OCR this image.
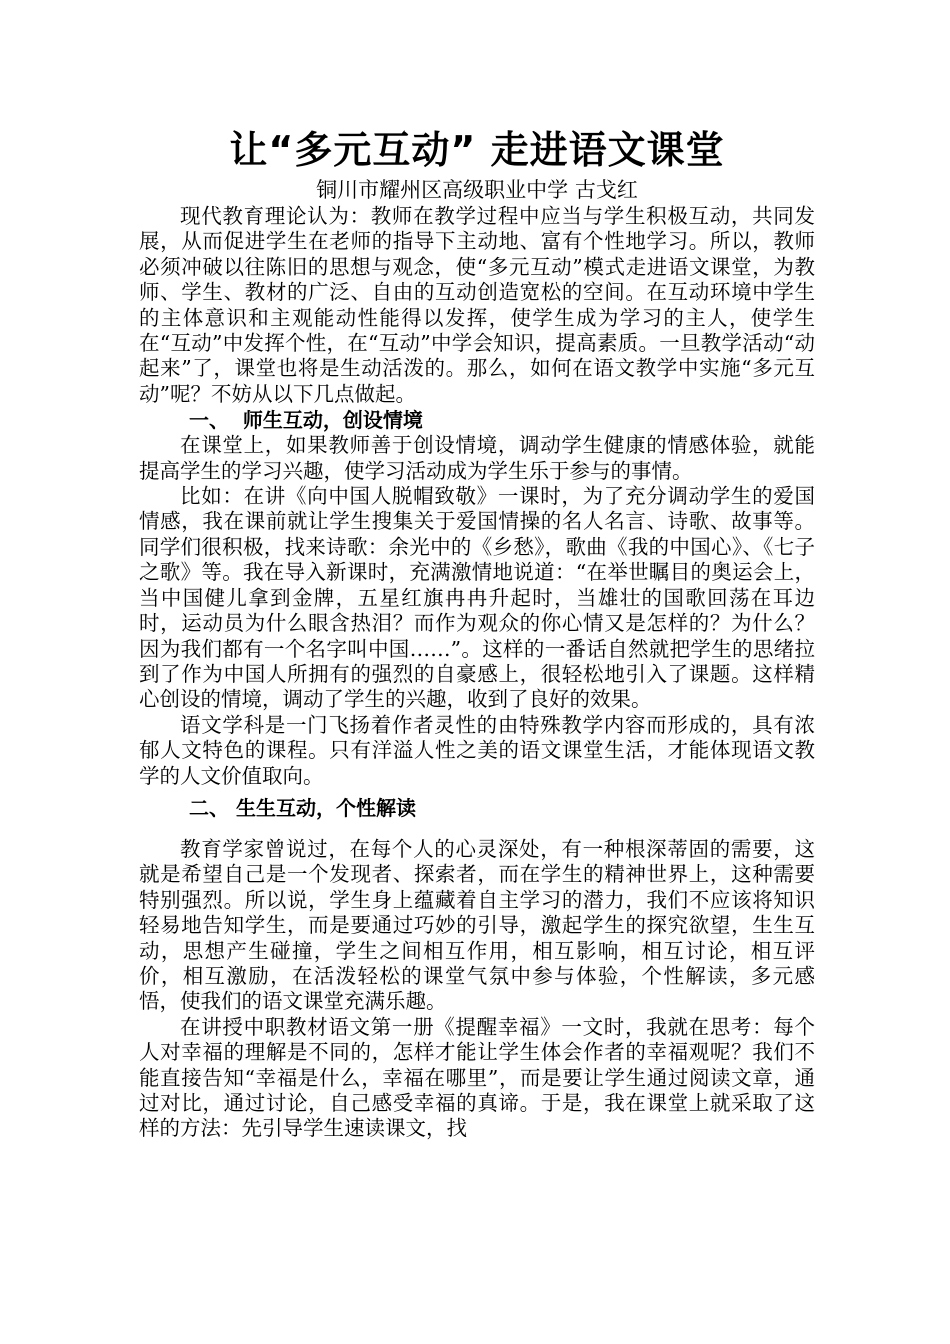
让“多元互动” 走进语文课堂

铜川市耀州区高级职业中学 古戈红

现代教育理论认为：教师在教学过程中应当与学生积极互动，共同发展，从而促进学生在老师的指导下主动地、富有个性地学习。所以，教师必须冲破以往陈旧的思想与观念，使“多元互动”模式走进语文课堂，为教师、学生、教材的广泛、自由的互动创造宽松的空间。在互动环境中学生的主体意识和主观能动性能得以发挥，使学生成为学习的主人，使学生在“互动”中发挥个性，在“互动”中学会知识，提高素质。一旦教学活动“动起来”了，课堂也将是生动活泼的。那么，如何在语文教学中实施“多元互动”呢？不妨从以下几点做起。

一、  师生互动，创设情境

在课堂上，如果教师善于创设情境，调动学生健康的情感体验，就能提高学生的学习兴趣，使学习活动成为学生乐于参与的事情。

比如：在讲《向中国人脱帽致敬》一课时，为了充分调动学生的爱国情感，我在课前就让学生搜集关于爱国情操的名人名言、诗歌、故事等。同学们很积极，找来诗歌：余光中的《乡愁》，歌曲《我的中国心》、《七子之歌》等。我在导入新课时，充满激情地说道：“在举世瞩目的奥运会上，当中国健儿拿到金牌，五星红旗冉冉升起时，当雄壮的国歌回荡在耳边时，运动员为什么眼含热泪？而作为观众的你心情又是怎样的？为什么？因为我们都有一个名字叫中国……”。这样的一番话自然就把学生的思绪拉到了作为中国人所拥有的强烈的自豪感上，很轻松地引入了课题。这样精心创设的情境，调动了学生的兴趣，收到了良好的效果。

语文学科是一门飞扬着作者灵性的由特殊教学内容而形成的，具有浓郁人文特色的课程。只有洋溢人性之美的语文课堂生活，才能体现语文教学的人文价值取向。

二、 生生互动，个性解读

教育学家曾说过，在每个人的心灵深处，有一种根深蒂固的需要，这就是希望自己是一个发现者、探索者，而在学生的精神世界上，这种需要特别强烈。所以说，学生身上蕴藏着自主学习的潜力，我们不应该将知识轻易地告知学生，而是要通过巧妙的引导，激起学生的探究欲望，生生互动，思想产生碰撞，学生之间相互作用，相互影响，相互讨论，相互评价，相互激励，在活泼轻松的课堂气氛中参与体验，个性解读，多元感悟，使我们的语文课堂充满乐趣。

在讲授中职教材语文第一册《提醒幸福》一文时，我就在思考：每个人对幸福的理解是不同的，怎样才能让学生体会作者的幸福观呢？我们不能直接告知“幸福是什么，幸福在哪里”，而是要让学生通过阅读文章，通过对比，通过讨论，自己感受幸福的真谛。于是，我在课堂上就采取了这样的方法：先引导学生速读课文，找
